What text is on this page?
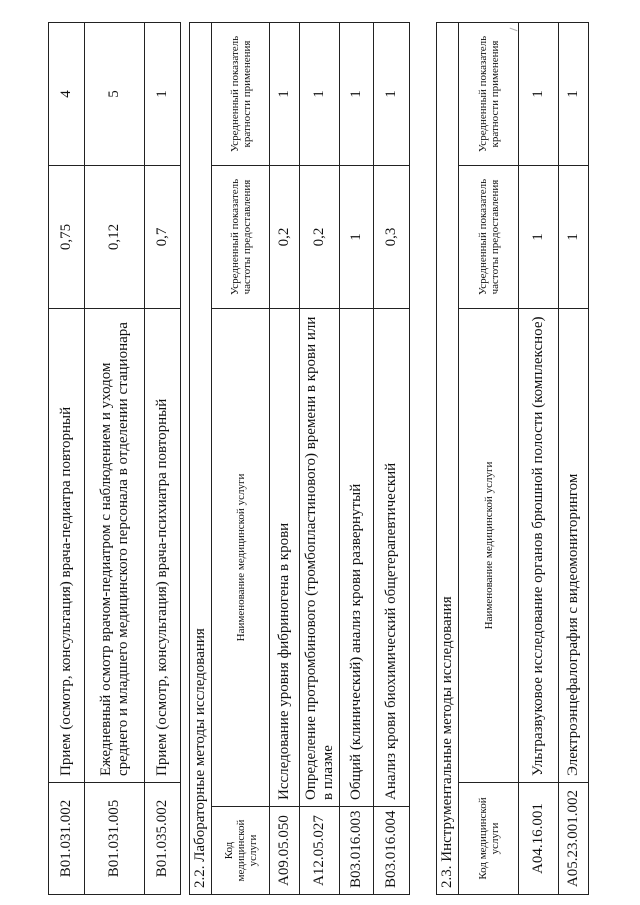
B01.031.002	Прием (осмотр, консультация) врача-педиатра повторный	0,75	4
B01.031.005	Ежедневный осмотр врачом-педиатром с наблюдением и уходом среднего и младшего медицинского персонала в отделении стационара	0,12	5
B01.035.002	Прием (осмотр, консультация) врача-психиатра повторный	0,7	1
2.2. Лабораторные методы исследования			
Код медицинской услуги	Наименование медицинской услуги	Усредненный показатель частоты предоставления	Усредненный показатель кратности применения
A09.05.050	Исследование уровня фибриногена в крови	0,2	1
A12.05.027	Определение протромбинового (тромбопластинового) времени в крови или в плазме	0,2	1
B03.016.003	Общий (клинический) анализ крови развернутый	1	1
B03.016.004	Анализ крови биохимический общетерапевтический	0,3	1
2.3. Инструментальные методы исследования			
Код медицинской услуги	Наименование медицинской услуги	Усредненный показатель частоты предоставления	Усредненный показатель кратности применения
A04.16.001	Ультразвуковое исследование органов брюшной полости (комплексное)	1	1
A05.23.001.002	Электроэнцефалография с видеомониторингом	1	1
